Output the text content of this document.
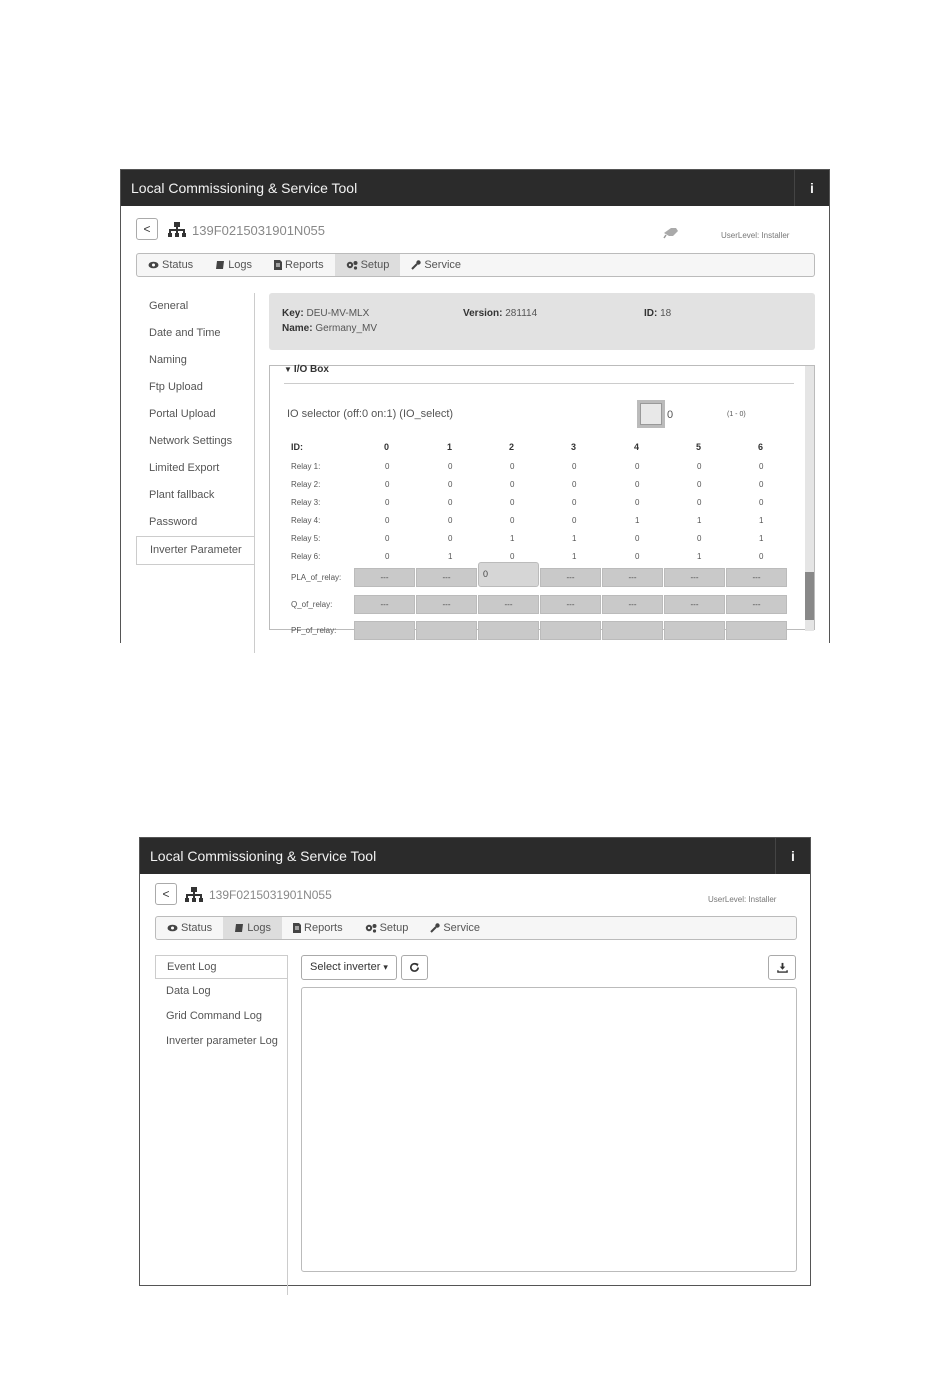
Local Commissioning & Service Tool	i
<	139F0215031901N055	UserLevel: Installer
Status	Logs	Reports	Setup	Service
General
Date and Time
Naming
Ftp Upload
Portal Upload
Network Settings
Limited Export
Plant fallback
Password
Inverter Parameter
Key: DEU-MV-MLX	Version: 281114	ID: 18
Name: Germany_MV
▼ I/O Box
IO selector (off:0 on:1) (IO_select)	0	(1 - 0)
ID:	0	1	2	3	4	5	6
Relay 1:	0	0	0	0	0	0	0
Relay 2:	0	0	0	0	0	0	0
Relay 3:	0	0	0	0	0	0	0
Relay 4:	0	0	0	0	1	1	1
Relay 5:	0	0	1	1	0	0	1
Relay 6:	0	1	0	1	0	1	0
PLA_of_relay:	---	---	0	---	---	---	---
Q_of_relay:	---	---	---	---	---	---	---
PF_of_relay:
Local Commissioning & Service Tool	i
<	139F0215031901N055	UserLevel: Installer
Status	Logs	Reports	Setup	Service
Event Log
Data Log
Grid Command Log
Inverter parameter Log
Select inverter ▾
